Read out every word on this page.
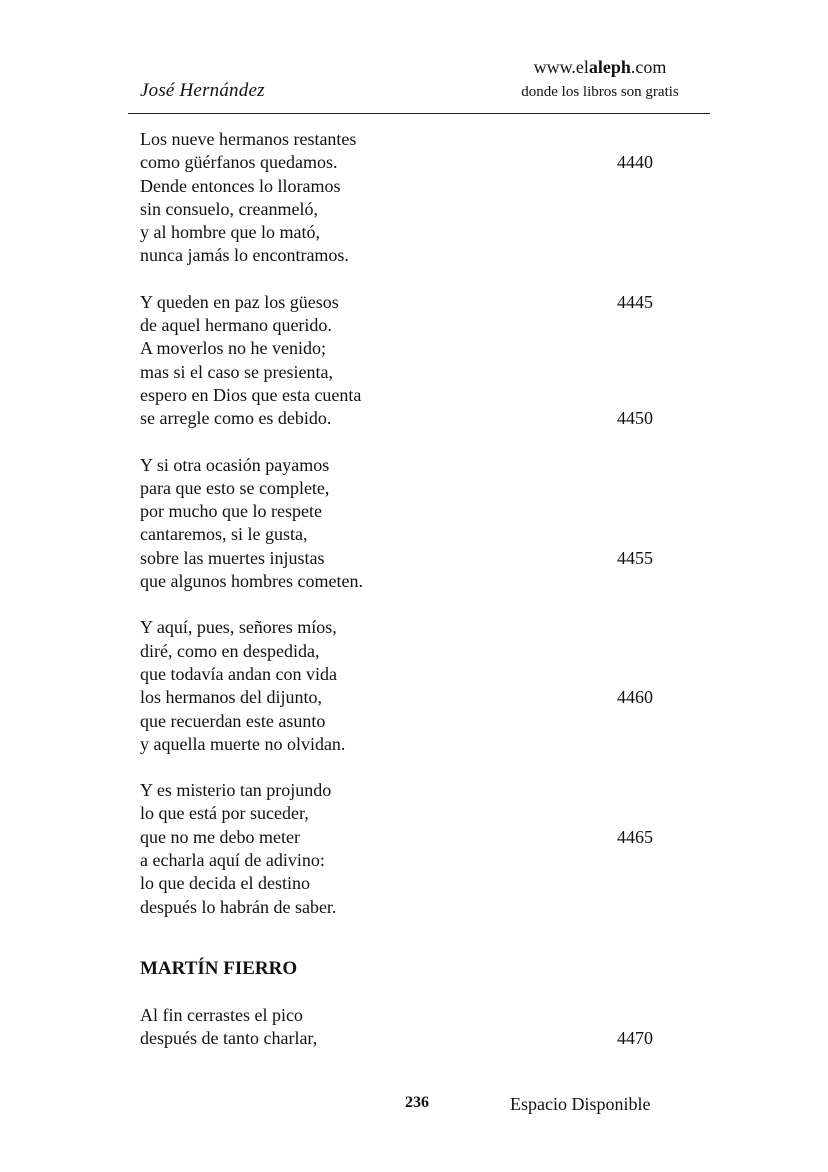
José Hernández
www.elaleph.com
donde los libros son gratis
Los nueve hermanos restantes
como güérfanos quedamos.	4440
Dende entonces lo lloramos
sin consuelo, creanmeló,
y al hombre que lo mató,
nunca jamás lo encontramos.
Y queden en paz los güesos	4445
de aquel hermano querido.
A moverlos no he venido;
mas si el caso se presienta,
espero en Dios que esta cuenta
se arregle como es debido.	4450
Y si otra ocasión payamos
para que esto se complete,
por mucho que lo respete
cantaremos, si le gusta,
sobre las muertes injustas	4455
que algunos hombres cometen.
Y aquí, pues, señores míos,
diré, como en despedida,
que todavía andan con vida
los hermanos del dijunto,	4460
que recuerdan este asunto
y aquella muerte no olvidan.
Y es misterio tan projundo
lo que está por suceder,
que no me debo meter	4465
a echarla aquí de adivino:
lo que decida el destino
después lo habrán de saber.
MARTÍN FIERRO
Al fin cerrastes el pico
después de tanto charlar,	4470
236	Espacio Disponible
